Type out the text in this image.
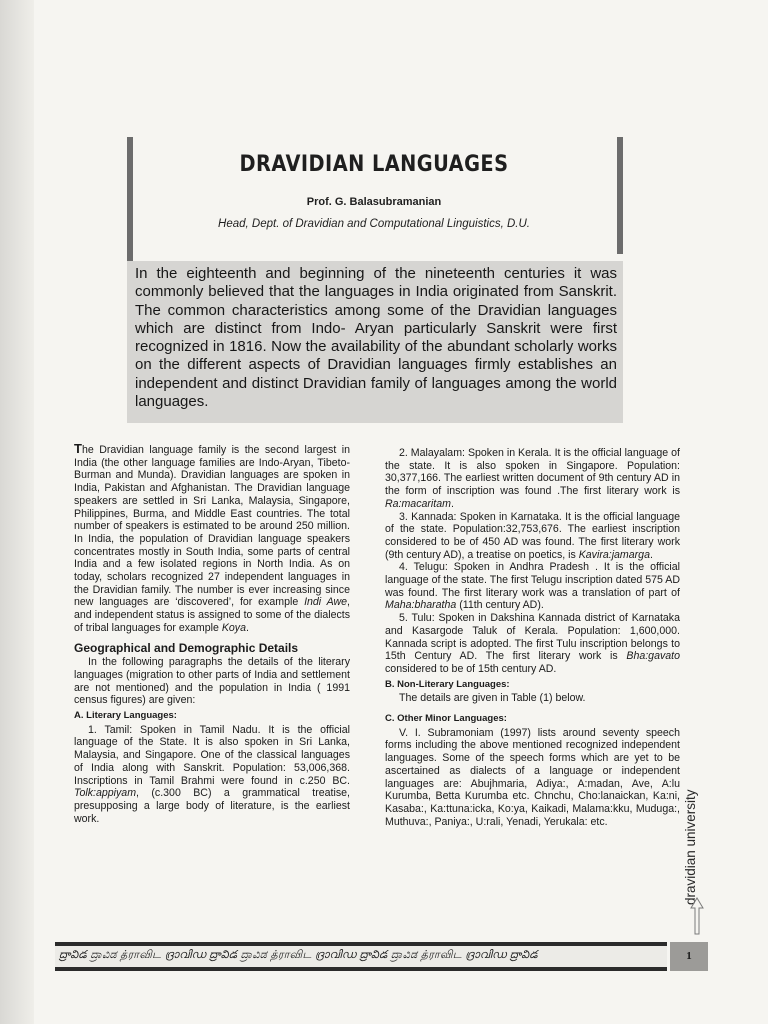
DRAVIDIAN LANGUAGES
Prof. G. Balasubramanian
Head, Dept. of Dravidian and Computational Linguistics, D.U.
In the eighteenth and beginning of the nineteenth centuries it was commonly believed that the languages in India originated from Sanskrit. The common characteristics among some of the Dravidian languages which are distinct from Indo- Aryan particularly Sanskrit were first recognized in 1816. Now the availability of the abundant scholarly works on the different aspects of Dravidian languages firmly establishes an independent and distinct Dravidian family of languages among the world languages.

The Dravidian language family is the second largest in India (the other language families are Indo-Aryan, Tibeto-Burman and Munda). Dravidian languages are spoken in India, Pakistan and Afghanistan. The Dravidian language speakers are settled in Sri Lanka, Malaysia, Singapore, Philippines, Burma, and Middle East countries. The total number of speakers is estimated to be around 250 million. In India, the population of Dravidian language speakers concentrates mostly in South India, some parts of central India and a few isolated regions in North India. As on today, scholars recognized 27 independent languages in the Dravidian family. The number is ever increasing since new languages are ‘discovered’, for example Indi Awe, and independent status is assigned to some of the dialects of tribal languages for example Koya.

Geographical and Demographic Details

In the following paragraphs the details of the literary languages (migration to other parts of India and settlement are not mentioned) and the population in India ( 1991 census figures) are given:

A. Literary Languages:

1. Tamil: Spoken in Tamil Nadu. It is the official language of the State. It is also spoken in Sri Lanka, Malaysia, and Singapore. One of the classical languages of India along with Sanskrit. Population: 53,006,368. Inscriptions in Tamil Brahmi were found in c.250 BC. Tolk:appiyam, (c.300 BC) a grammatical treatise, presupposing a large body of literature, is the earliest work.

2. Malayalam: Spoken in Kerala. It is the official language of the state. It is also spoken in Singapore. Population: 30,377,166. The earliest written document of 9th century AD in the form of inscription was found .The first literary work is Ra:macaritam.

3. Kannada: Spoken in Karnataka. It is the official language of the state. Population:32,753,676. The earliest inscription considered to be of 450 AD was found. The first literary work (9th century AD), a treatise on poetics, is Kavira:jamarga.

4. Telugu: Spoken in Andhra Pradesh . It is the official language of the state. The first Telugu inscription dated 575 AD was found. The first literary work was a translation of part of Maha:bharatha (11th century AD).

5. Tulu: Spoken in Dakshina Kannada district of Karnataka and Kasargode Taluk of Kerala. Population: 1,600,000. Kannada script is adopted. The first Tulu inscription belongs to 15th Century AD. The first literary work is Bha:gavato considered to be of 15th century AD.

B. Non-Literary Languages:

The details are given in Table (1) below.

C. Other Minor Languages:

V. I. Subramoniam (1997) lists around seventy speech forms including the above mentioned recognized independent languages. Some of the speech forms which are yet to be ascertained as dialects of a language or independent languages are: Abujhmaria, Adiya:, A:madan, Ave, A:lu Kurumba, Betta Kurumba etc. Chnchu, Cho:lanaickan, Ka:ni, Kasaba:, Ka:ttuna:icka, Ko:ya, Kaikadi, Malama:kku, Muduga:, Muthuva:, Paniya:, U:rali, Yenadi, Yerukala: etc.	dravidian university
ద్రావిడ ದ್ರಾವಿಡ த்ராவிட ദ്രാവിഡ ద్రావిడ ದ್ರಾವಿಡ த்ராவிட ദ്രാവിഡ ద్రావిడ ದ್ರಾವಿಡ த்ராவிட ദ്രാവിഡ ద్రావిడ	1
